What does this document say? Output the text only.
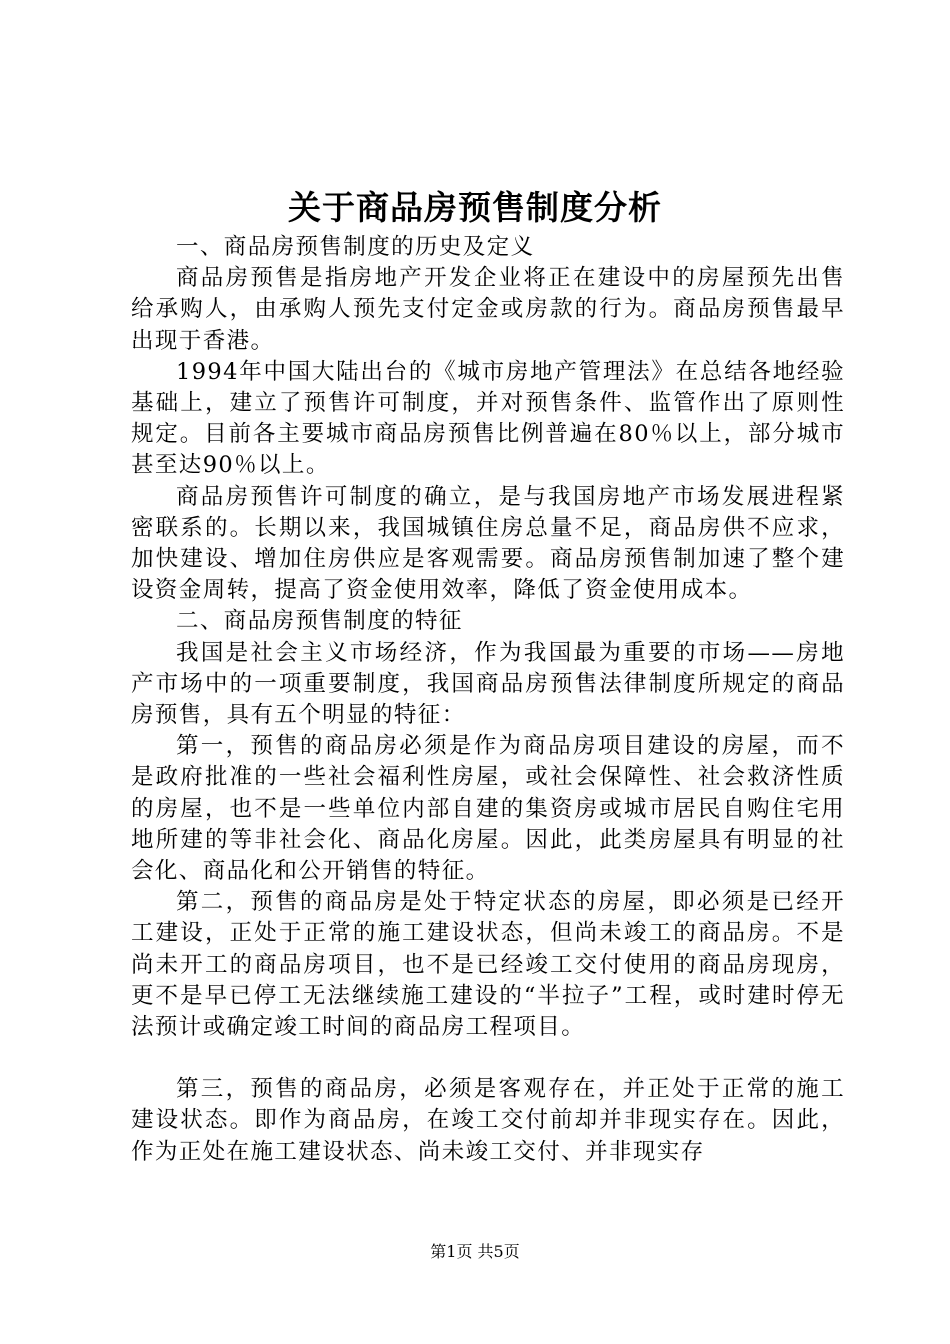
关于商品房预售制度分析

一、商品房预售制度的历史及定义

商品房预售是指房地产开发企业将正在建设中的房屋预先出售给承购人，由承购人预先支付定金或房款的行为。商品房预售最早出现于香港。

1994年中国大陆出台的《城市房地产管理法》在总结各地经验基础上，建立了预售许可制度，并对预售条件、监管作出了原则性规定。目前各主要城市商品房预售比例普遍在80％以上，部分城市甚至达90％以上。

商品房预售许可制度的确立，是与我国房地产市场发展进程紧密联系的。长期以来，我国城镇住房总量不足，商品房供不应求，加快建设、增加住房供应是客观需要。商品房预售制加速了整个建设资金周转，提高了资金使用效率，降低了资金使用成本。

二、商品房预售制度的特征

我国是社会主义市场经济，作为我国最为重要的市场——房地产市场中的一项重要制度，我国商品房预售法律制度所规定的商品房预售，具有五个明显的特征：

第一，预售的商品房必须是作为商品房项目建设的房屋，而不是政府批准的一些社会福利性房屋，或社会保障性、社会救济性质的房屋，也不是一些单位内部自建的集资房或城市居民自购住宅用地所建的等非社会化、商品化房屋。因此，此类房屋具有明显的社会化、商品化和公开销售的特征。

第二，预售的商品房是处于特定状态的房屋，即必须是已经开工建设，正处于正常的施工建设状态，但尚未竣工的商品房。不是尚未开工的商品房项目，也不是已经竣工交付使用的商品房现房，更不是早已停工无法继续施工建设的“半拉子”工程，或时建时停无法预计或确定竣工时间的商品房工程项目。

第三，预售的商品房，必须是客观存在，并正处于正常的施工建设状态。即作为商品房，在竣工交付前却并非现实存在。因此，作为正处在施工建设状态、尚未竣工交付、并非现实存

第1页 共5页
